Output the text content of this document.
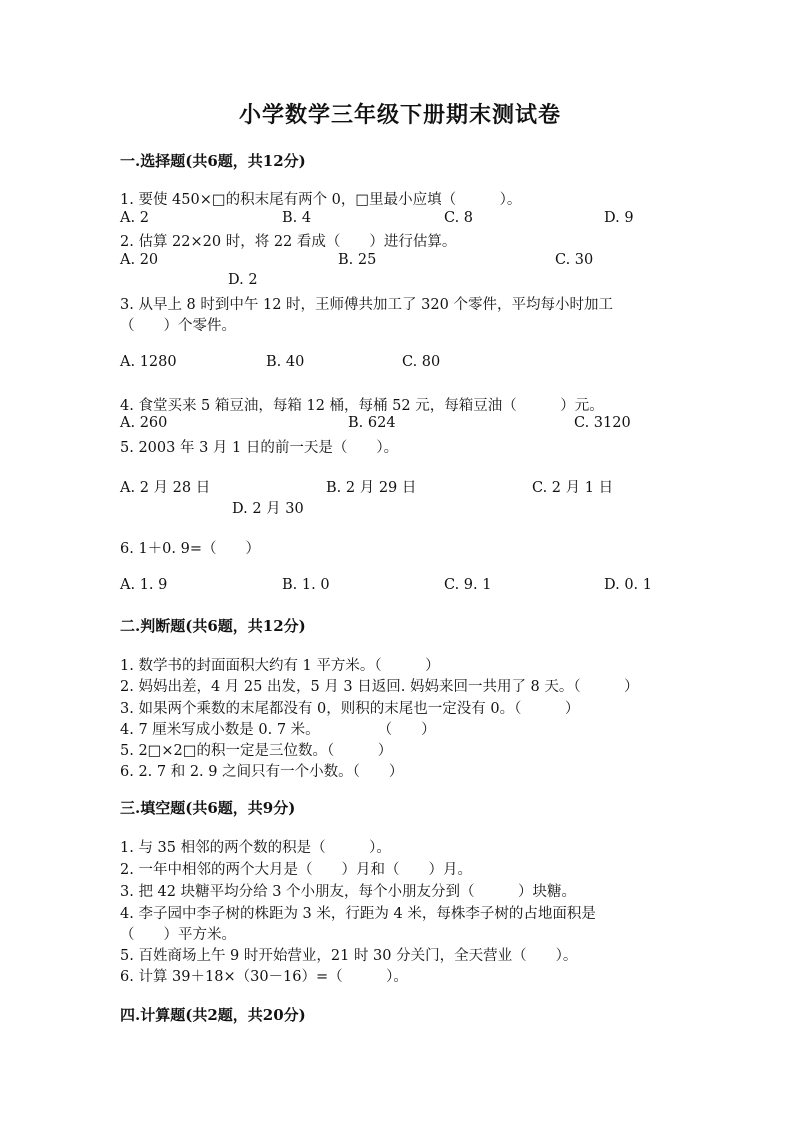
小学数学三年级下册期末测试卷
一.选择题(共6题，共12分)
1. 要使 450×□的积末尾有两个 0，□里最小应填（　　　）。
A. 2	B. 4	C. 8	D. 9
2. 估算 22×20 时，将 22 看成（　　）进行估算。
A. 20	B. 25	C. 30
D. 2
3. 从早上 8 时到中午 12 时，王师傅共加工了 320 个零件，平均每小时加工
（　　）个零件。
A. 1280	B. 40	C. 80
4. 食堂买来 5 箱豆油，每箱 12 桶，每桶 52 元，每箱豆油（　　　）元。
A. 260	B. 624	C. 3120
5. 2003 年 3 月 1 日的前一天是（　　）。
A. 2 月 28 日	B. 2 月 29 日	C. 2 月 1 日
D. 2 月 30
6. 1＋0. 9=（　　）
A. 1. 9	B. 1. 0	C. 9. 1	D. 0. 1
二.判断题(共6题，共12分)
1. 数学书的封面面积大约有 1 平方米。（　　　）
2. 妈妈出差，4 月 25 出发，5 月 3 日返回. 妈妈来回一共用了 8 天。（　　　）
3. 如果两个乘数的末尾都没有 0，则积的末尾也一定没有 0。（　　　）
4. 7 厘米写成小数是 0. 7 米。　　　　　（　　）
5. 2□×2□的积一定是三位数。（　　　）
6. 2. 7 和 2. 9 之间只有一个小数。（　　）
三.填空题(共6题，共9分)
1. 与 35 相邻的两个数的积是（　　　）。
2. 一年中相邻的两个大月是（　　）月和（　　）月。
3. 把 42 块糖平均分给 3 个小朋友，每个小朋友分到（　　　）块糖。
4. 李子园中李子树的株距为 3 米，行距为 4 米，每株李子树的占地面积是
（　　）平方米。
5. 百姓商场上午 9 时开始营业，21 时 30 分关门，全天营业（　　）。
6. 计算 39＋18×（30－16）=（　　　）。
四.计算题(共2题，共20分)
